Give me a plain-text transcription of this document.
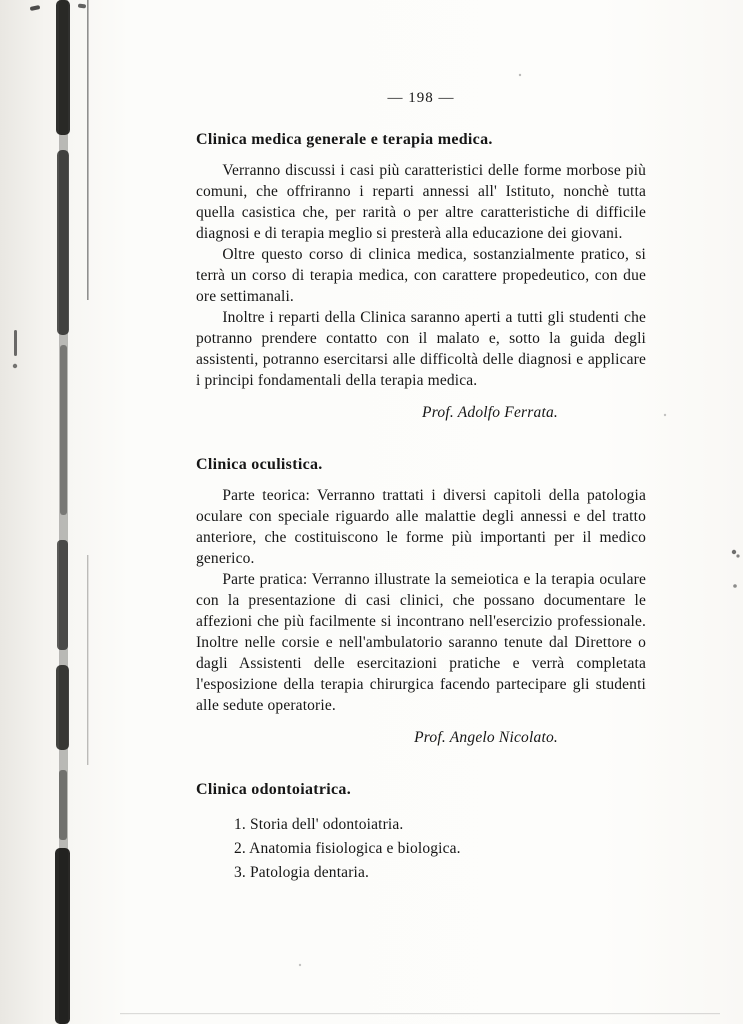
— 198 —
Clinica medica generale e terapia medica.

Verranno discussi i casi più caratteristici delle forme morbose più comuni, che offriranno i reparti annessi all' Istituto, nonchè tutta quella casistica che, per rarità o per altre caratteristiche di difficile diagnosi e di terapia meglio si presterà alla educazione dei giovani.

Oltre questo corso di clinica medica, sostanzialmente pratico, si terrà un corso di terapia medica, con carattere propedeutico, con due ore settimanali.

Inoltre i reparti della Clinica saranno aperti a tutti gli studenti che potranno prendere contatto con il malato e, sotto la guida degli assistenti, potranno esercitarsi alle difficoltà delle diagnosi e applicare i principi fondamentali della terapia medica.

Prof. Adolfo Ferrata.
Clinica oculistica.

Parte teorica: Verranno trattati i diversi capitoli della patologia oculare con speciale riguardo alle malattie degli annessi e del tratto anteriore, che costituiscono le forme più importanti per il medico generico.

Parte pratica: Verranno illustrate la semeiotica e la terapia oculare con la presentazione di casi clinici, che possano documentare le affezioni che più facilmente si incontrano nell'esercizio professionale. Inoltre nelle corsie e nell'ambulatorio saranno tenute dal Direttore o dagli Assistenti delle esercitazioni pratiche e verrà completata l'esposizione della terapia chirurgica facendo partecipare gli studenti alle sedute operatorie.

Prof. Angelo Nicolato.
Clinica odontoiatrica.
1. Storia dell' odontoiatria.
2. Anatomia fisiologica e biologica.
3. Patologia dentaria.
